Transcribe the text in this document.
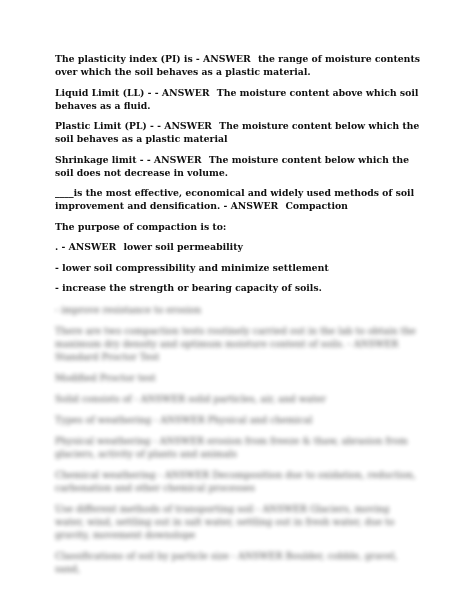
The plasticity index (PI) is - ANSWER the range of moisture contents over which the soil behaves as a plastic material.
Liquid Limit (LL) - - ANSWER The moisture content above which soil behaves as a fluid.
Plastic Limit (PL) - - ANSWER The moisture content below which the soil behaves as a plastic material
Shrinkage limit - - ANSWER The moisture content below which the soil does not decrease in volume.
____is the most effective, economical and widely used methods of soil improvement and densification. - ANSWER Compaction
The purpose of compaction is to:
. - ANSWER lower soil permeability
- lower soil compressibility and minimize settlement
- increase the strength or bearing capacity of soils.
- improve resistance to erosion
There are two compaction tests routinely carried out in the lab to obtain the maximum dry density and optimum moisture content of soils. - ANSWER Standard Proctor Test
Modified Proctor test
Solid consists of - ANSWER solid particles, air, and water
Types of weathering - ANSWER Physical and chemical
Physical weathering - ANSWER erosion from freeze & thaw, abrasion from glaciers, activity of plants and animals
Chemical weathering - ANSWER Decomposition due to oxidation, reduction, carbonation and other chemical processes
Use different methods of transporting soil - ANSWER Glaciers, moving water, wind, settling out in salt water, settling out in fresh water, due to gravity, movement downslope
Classifications of soil by particle size - ANSWER Boulder, cobble, gravel, sand,
